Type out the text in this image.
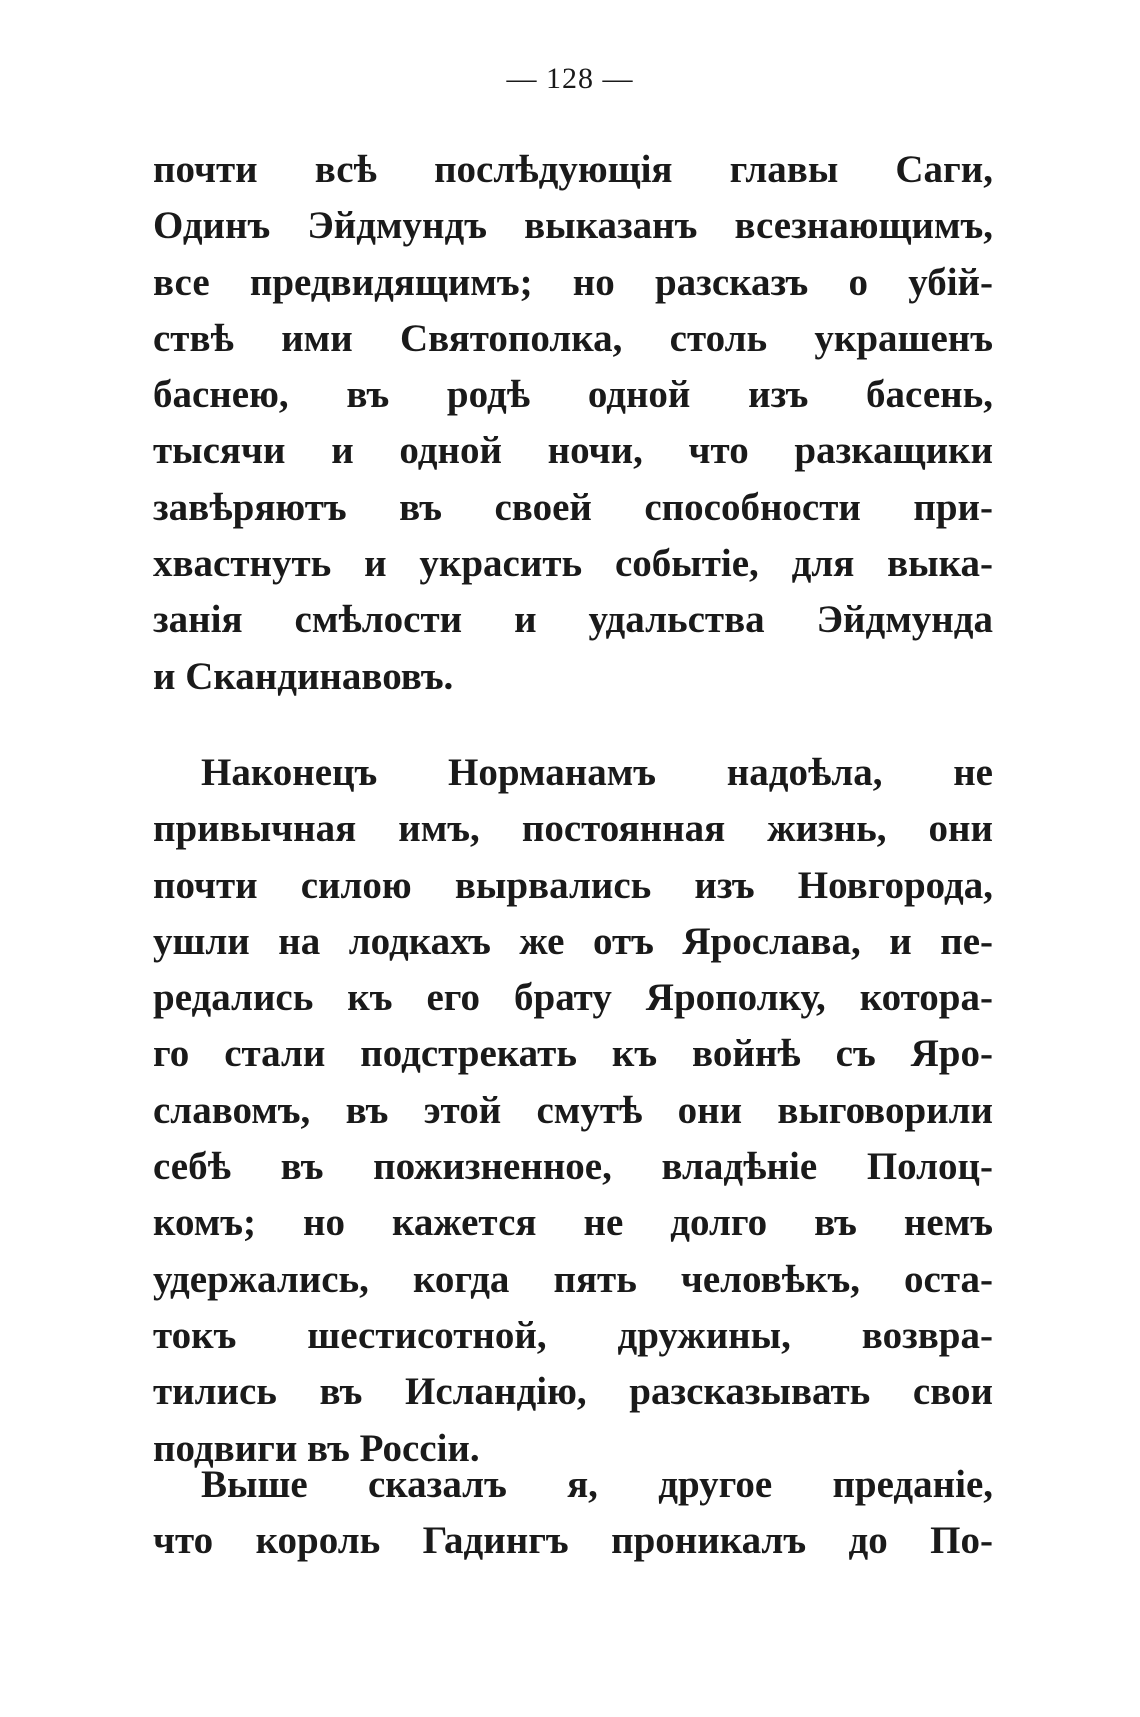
— 128 —
почти всѣ послѣдующія главы Саги,
Одинъ Эйдмундъ выказанъ всезнающимъ,
все предвидящимъ; но разсказъ о убій-
ствѣ ими Святополка, столь украшенъ
баснею, въ родѣ одной изъ басень,
тысячи и одной ночи, что разкащики
завѣряютъ въ своей способности при-
хвастнуть и украсить событіе, для выка-
занія смѣлости и удальства Эйдмунда
и Скандинавовъ.
Наконецъ Норманамъ надоѣла, не
привычная имъ, постоянная жизнь, они
почти силою вырвались изъ Новгорода,
ушли на лодкахъ же отъ Ярослава, и пе-
редались къ его брату Ярополку, котора-
го стали подстрекать къ войнѣ съ Яро-
славомъ, въ этой смутѣ они выговорили
себѣ въ пожизненное, владѣніе Полоц-
комъ; но кажется не долго въ немъ
удержались, когда пять человѣкъ, оста-
токъ шестисотной, дружины, возвра-
тились въ Исландію, разсказывать свои
подвиги въ Россіи.
Выше сказалъ я, другое преданіе,
что король Гадингъ проникалъ до По-
